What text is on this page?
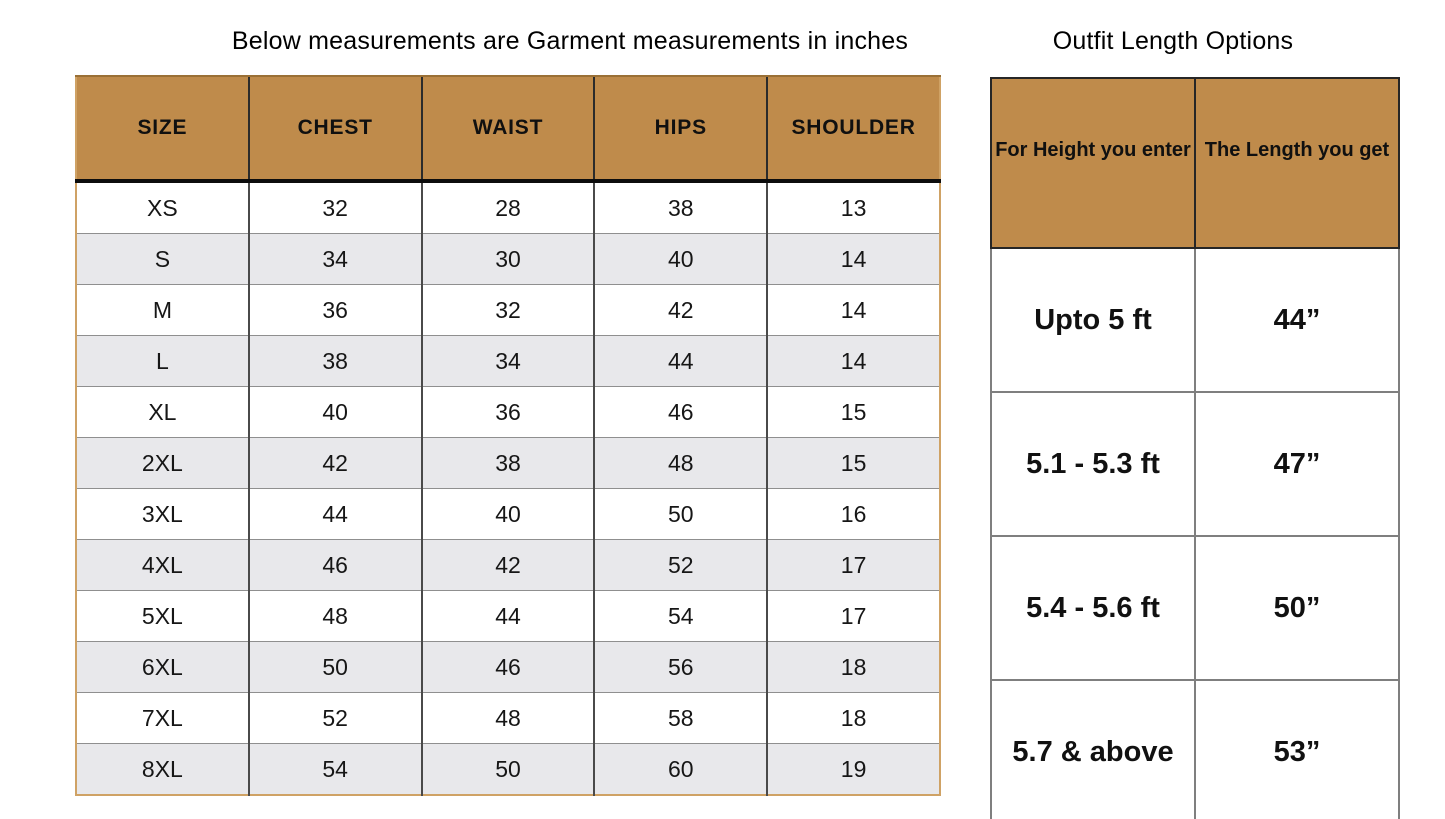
Below measurements are Garment measurements in inches	Outfit Length Options
SIZE	CHEST	WAIST	HIPS	SHOULDER
XS	32	28	38	13
S	34	30	40	14
M	36	32	42	14
L	38	34	44	14
XL	40	36	46	15
2XL	42	38	48	15
3XL	44	40	50	16
4XL	46	42	52	17
5XL	48	44	54	17
6XL	50	46	56	18
7XL	52	48	58	18
8XL	54	50	60	19
For Height you enter	The Length you get
Upto 5 ft	44”
5.1 - 5.3 ft	47”
5.4 - 5.6 ft	50”
5.7 & above	53”
